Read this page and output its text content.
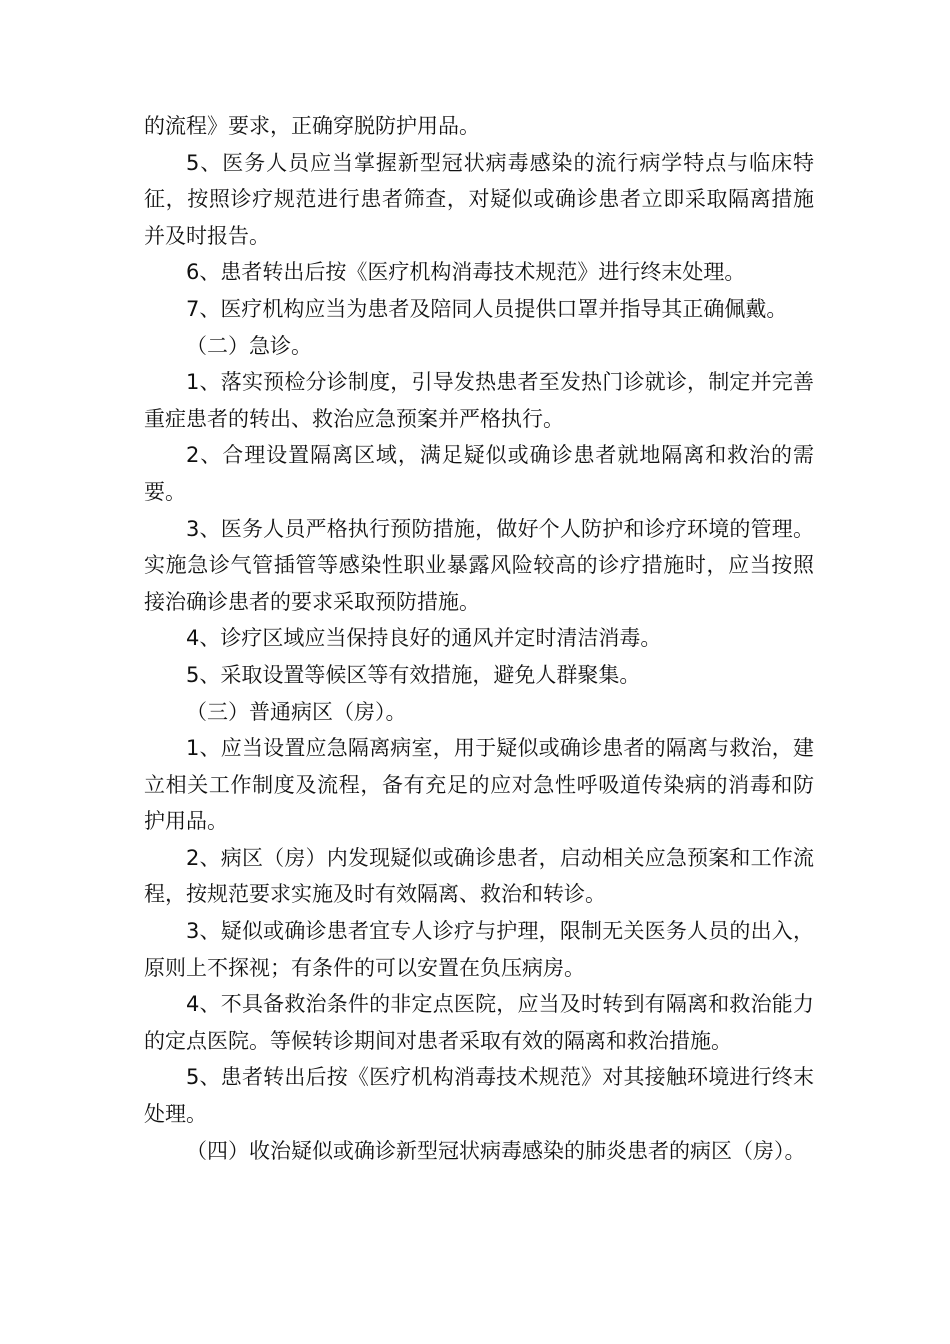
的流程》要求，正确穿脱防护用品。

5、医务人员应当掌握新型冠状病毒感染的流行病学特点与临床特征，按照诊疗规范进行患者筛查，对疑似或确诊患者立即采取隔离措施并及时报告。

6、患者转出后按《医疗机构消毒技术规范》进行终末处理。

7、医疗机构应当为患者及陪同人员提供口罩并指导其正确佩戴。

（二）急诊。

1、落实预检分诊制度，引导发热患者至发热门诊就诊，制定并完善重症患者的转出、救治应急预案并严格执行。

2、合理设置隔离区域，满足疑似或确诊患者就地隔离和救治的需要。

3、医务人员严格执行预防措施，做好个人防护和诊疗环境的管理。实施急诊气管插管等感染性职业暴露风险较高的诊疗措施时，应当按照接治确诊患者的要求采取预防措施。

4、诊疗区域应当保持良好的通风并定时清洁消毒。

5、采取设置等候区等有效措施，避免人群聚集。

（三）普通病区（房）。

1、应当设置应急隔离病室，用于疑似或确诊患者的隔离与救治，建立相关工作制度及流程，备有充足的应对急性呼吸道传染病的消毒和防护用品。

2、病区（房）内发现疑似或确诊患者，启动相关应急预案和工作流程，按规范要求实施及时有效隔离、救治和转诊。

3、疑似或确诊患者宜专人诊疗与护理，限制无关医务人员的出入，原则上不探视；有条件的可以安置在负压病房。

4、不具备救治条件的非定点医院，应当及时转到有隔离和救治能力的定点医院。等候转诊期间对患者采取有效的隔离和救治措施。

5、患者转出后按《医疗机构消毒技术规范》对其接触环境进行终末处理。

（四）收治疑似或确诊新型冠状病毒感染的肺炎患者的病区（房）。
